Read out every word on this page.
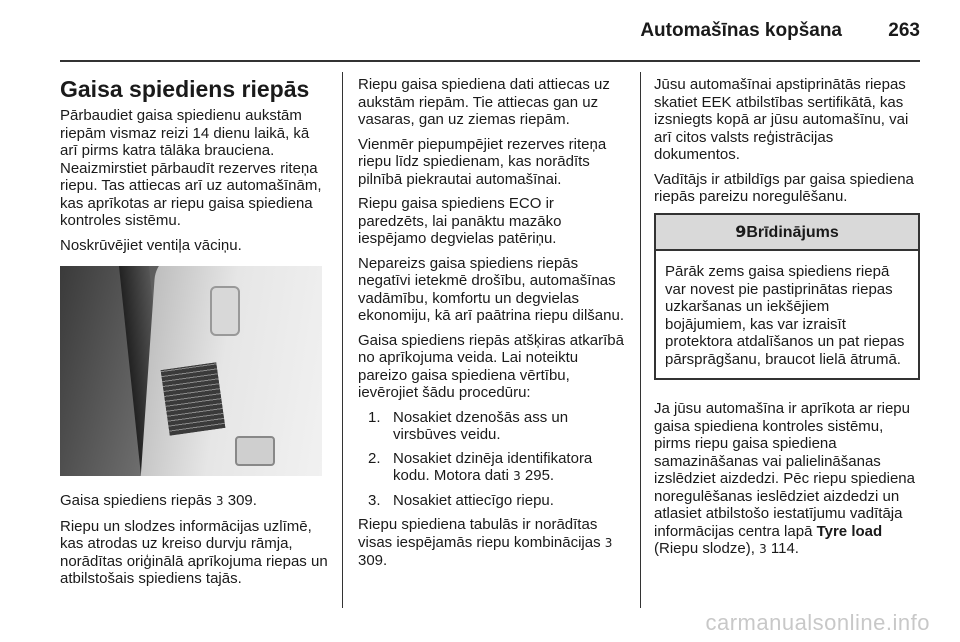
Automašīnas kopšana 263
Gaisa spiediens riepās

Pārbaudiet gaisa spiedienu aukstām riepām vismaz reizi 14 dienu laikā, kā arī pirms katra tālāka brauciena. Neaizmirstiet pārbaudīt rezerves riteņa riepu. Tas attiecas arī uz automašīnām, kas aprīkotas ar riepu gaisa spiediena kontroles sistēmu.

Noskrūvējiet ventiļa vāciņu.

Gaisa spiediens riepās 3 309.

Riepu un slodzes informācijas uzlīmē, kas atrodas uz kreiso durvju rāmja, norādītas oriģinālā aprīkojuma riepas un atbilstošais spiediens tajās.

Riepu gaisa spiediena dati attiecas uz aukstām riepām. Tie attiecas gan uz vasaras, gan uz ziemas riepām.

Vienmēr piepumpējiet rezerves riteņa riepu līdz spiedienam, kas norādīts pilnībā piekrautai automašīnai.

Riepu gaisa spiediens ECO ir paredzēts, lai panāktu mazāko iespējamo degvielas patēriņu.

Nepareizs gaisa spiediens riepās negatīvi ietekmē drošību, automašīnas vadāmību, komfortu un degvielas ekonomiju, kā arī paātrina riepu dilšanu.

Gaisa spiediens riepās atšķiras atkarībā no aprīkojuma veida. Lai noteiktu pareizo gaisa spiediena vērtību, ievērojiet šādu procedūru:

1. Nosakiet dzenošās ass un virsbūves veidu.
2. Nosakiet dzinēja identifikatora kodu. Motora dati 3 295.
3. Nosakiet attiecīgo riepu.

Riepu spiediena tabulās ir norādītas visas iespējamās riepu kombinācijas 3 309.

Jūsu automašīnai apstiprinātās riepas skatiet EEK atbilstības sertifikātā, kas izsniegts kopā ar jūsu automašīnu, vai arī citos valsts reģistrācijas dokumentos.

Vadītājs ir atbildīgs par gaisa spiediena riepās pareizu noregulēšanu.

9Brīdinājums
Pārāk zems gaisa spiediens riepā var novest pie pastiprinātas riepas uzkaršanas un iekšējiem bojājumiem, kas var izraisīt protektora atdalīšanos un pat riepas pārsprāgšanu, braucot lielā ātrumā.

Ja jūsu automašīna ir aprīkota ar riepu gaisa spiediena kontroles sistēmu, pirms riepu gaisa spiediena samazināšanas vai palielināšanas izslēdziet aizdedzi. Pēc riepu spiediena noregulēšanas ieslēdziet aizdedzi un atlasiet atbilstošo iestatījumu vadītāja informācijas centra lapā Tyre load (Riepu slodze), 3 114.

carmanualsonline.info
